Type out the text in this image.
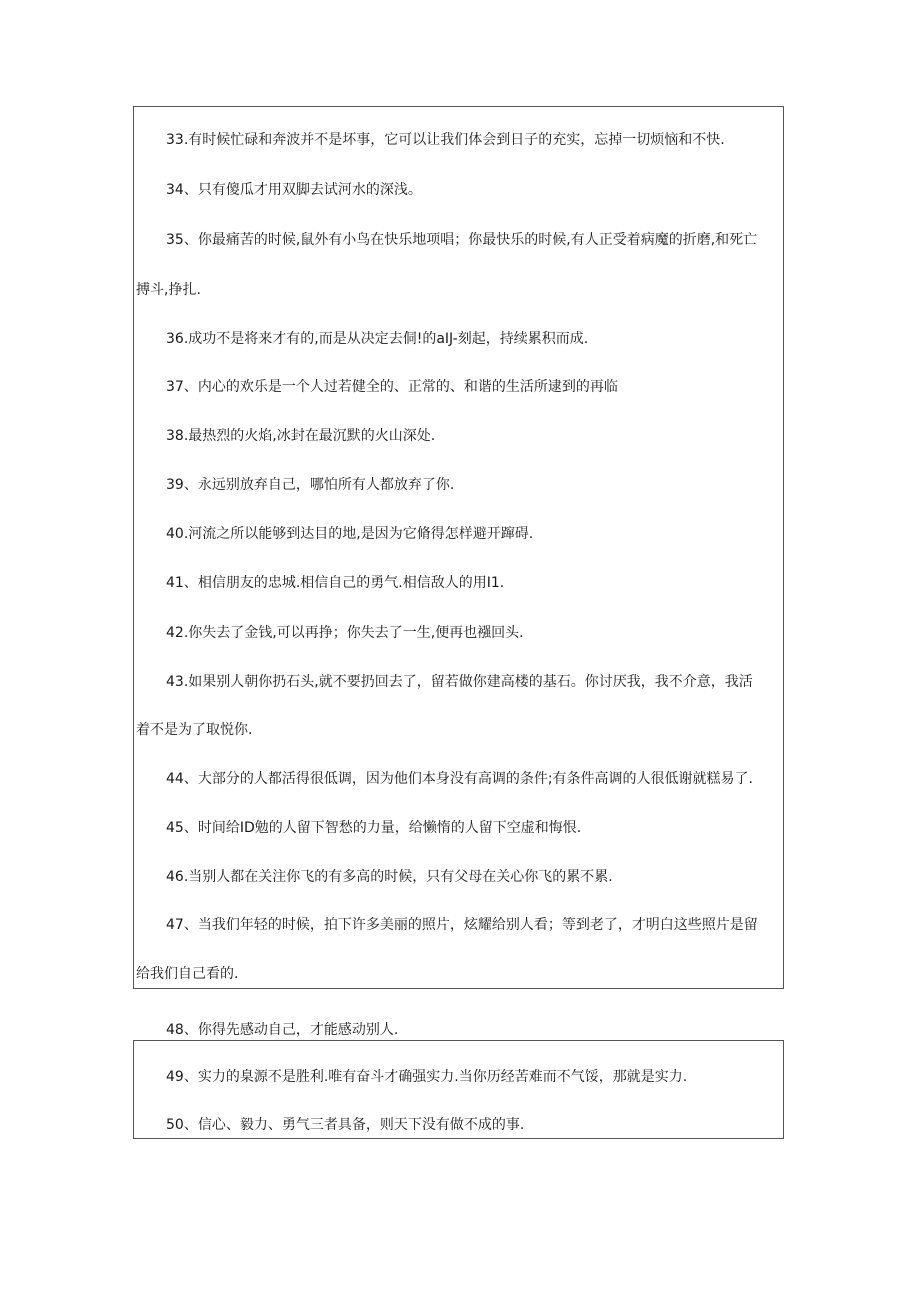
33.有时候忙碌和奔波并不是坏事，它可以让我们体会到日子的充实，忘掉一切烦恼和不快.
34、只有傻瓜才用双脚去试河水的深浅。
35、你最痛苦的时候,鼠外有小鸟在快乐地项唱；你最快乐的时候,有人正受着病魔的折磨,和死亡
搏斗,挣扎.
36.成功不是将来才有的,而是从决定去侗!的aIJ-刻起，持续累积而成.
37、内心的欢乐是一个人过若健全的、正常的、和谐的生活所逮到的再临
38.最热烈的火焰,冰封在最沉默的火山深处.
39、永远别放弃自己，哪怕所有人都放弃了你.
40.河流之所以能够到达目的地,是因为它脩得怎样避开蹿碍.
41、相信朋友的忠城.相信自己的勇气.相信敌人的用I1.
42.你失去了金钱,可以再挣；你失去了一生,便再也襁回头.
43.如果别人朝你扔石头,就不要扔回去了，留若做你建高楼的基石。你讨厌我，我不介意，我活
着不是为了取悦你.
44、大部分的人都活得很低调，因为他们本身没有高调的条件;有条件高调的人很低谢就糕易了.
45、时间给ID勉的人留下智愁的力量，给懒惰的人留下空虚和悔恨.
46.当别人都在关注你飞的有多高的时候，只有父母在关心你飞的累不累.
47、当我们年轻的时候，拍下许多美丽的照片，炫耀给别人看；等到老了，才明白这些照片是留
给我们自己看的.
48、你得先感动自己，才能感动别人.
49、实力的臬源不是胜利.唯有奋斗才确强实力.当你历经苦难而不气馁，那就是实力.
50、信心、毅力、勇气三者具备，则天下没有做不成的事.
